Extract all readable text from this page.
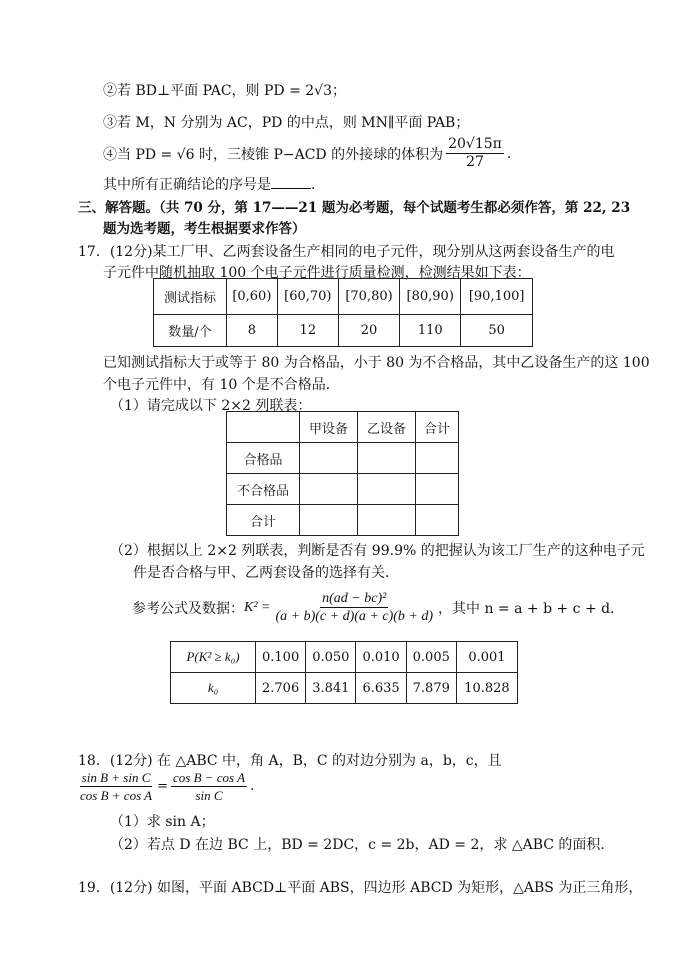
②若 BD⊥平面 PAC，则 PD = 2√3；
③若 M，N 分别为 AC，PD 的中点，则 MN∥平面 PAB；
④当 PD = √6 时，三棱锥 P−ACD 的外接球的体积为 $\frac{20√15\pi}{27}$ .
其中所有正确结论的序号是	.
三、解答题。（共 70 分，第 17——21 题为必考题，每个试题考生都必须作答，第 22, 23
题为选考题，考生根据要求作答）
17．(12分)某工厂甲、乙两套设备生产相同的电子元件，现分别从这两套设备生产的电
子元件中随机抽取 100 个电子元件进行质量检测，检测结果如下表：
测试指标	[0,60)	[60,70)	[70,80)	[80,90)	[90,100]
数量/个	8	12	20	110	50
已知测试指标大于或等于 80 为合格品，小于 80 为不合格品，其中乙设备生产的这 100
个电子元件中，有 10 个是不合格品．
（1）请完成以下 2×2 列联表：
	甲设备	乙设备	合计
合格品			
不合格品			
合计			
（2）根据以上 2×2 列联表，判断是否有 99.9% 的把握认为该工厂生产的这种电子元
件是否合格与甲、乙两套设备的选择有关．
参考公式及数据： $K^2 = \frac{\text{n(ad − bc)²}}{(a + b)(c + d)(a + c)(b + d)}$ ，其中 n = a + b + c + d．
P(K² ≥ k₀)	0.100	0.050	0.010	0.005	0.001
k₀	2.706	3.841	6.635	7.879	10.828
18．(12分) 在 △ABC 中，角 A，B，C 的对边分别为 a，b，c，且
$\frac{\text{sin B + sin C}}{\text{cos B + cos A}} = \frac{\text{cos B − cos A}}{\text{sin C}}$ .
（1）求 sin A；
（2）若点 D 在边 BC 上，BD = 2DC，c = 2b，AD = 2，求 △ABC 的面积.
19．(12分) 如图，平面 ABCD⊥平面 ABS，四边形 ABCD 为矩形，△ABS 为正三角形，
